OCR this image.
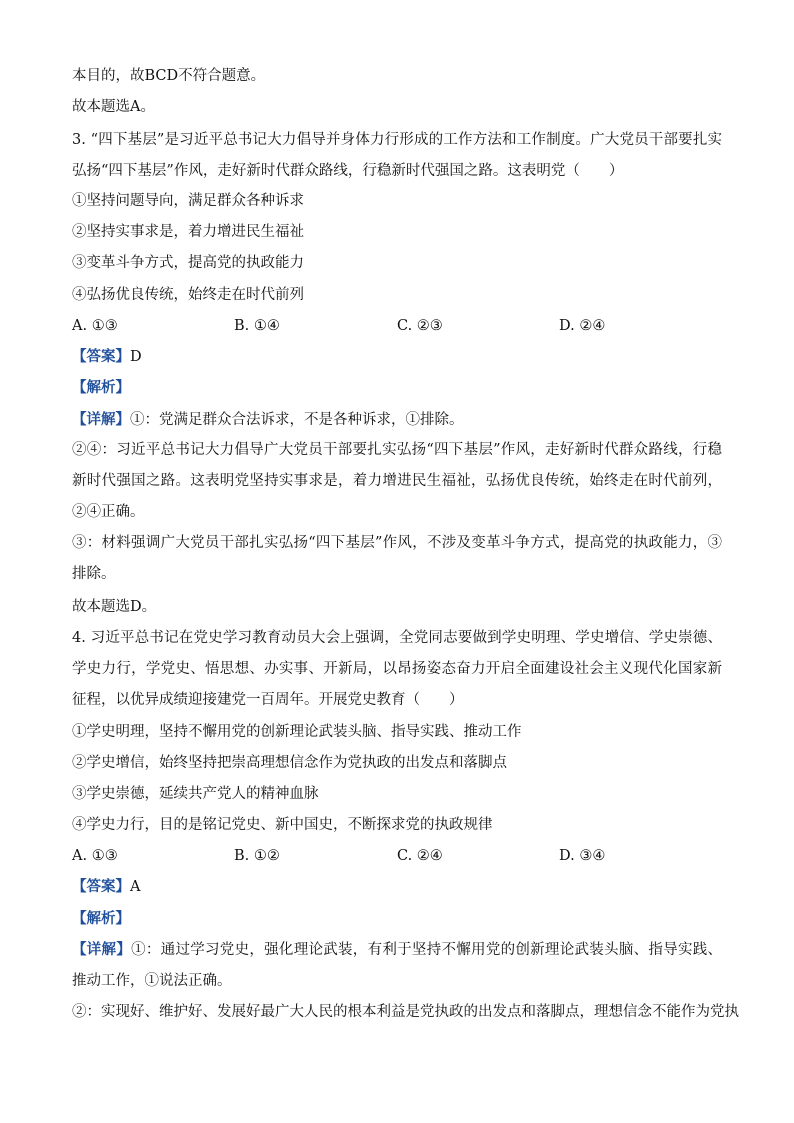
本目的，故BCD不符合题意。
故本题选A。
3. “四下基层”是习近平总书记大力倡导并身体力行形成的工作方法和工作制度。广大党员干部要扎实弘扬“四下基层”作风，走好新时代群众路线，行稳新时代强国之路。这表明党（　　）
①坚持问题导向，满足群众各种诉求
②坚持实事求是，着力增进民生福祉
③变革斗争方式，提高党的执政能力
④弘扬优良传统，始终走在时代前列
A. ①③	B. ①④	C. ②③	D. ②④
【答案】D
【解析】
【详解】①：党满足群众合法诉求，不是各种诉求，①排除。
②④：习近平总书记大力倡导广大党员干部要扎实弘扬“四下基层”作风，走好新时代群众路线，行稳新时代强国之路。这表明党坚持实事求是，着力增进民生福祉，弘扬优良传统，始终走在时代前列，②④正确。
③：材料强调广大党员干部扎实弘扬“四下基层”作风，不涉及变革斗争方式，提高党的执政能力，③排除。
故本题选D。
4. 习近平总书记在党史学习教育动员大会上强调，全党同志要做到学史明理、学史增信、学史崇德、学史力行，学党史、悟思想、办实事、开新局，以昂扬姿态奋力开启全面建设社会主义现代化国家新征程，以优异成绩迎接建党一百周年。开展党史教育（　　）
①学史明理，坚持不懈用党的创新理论武装头脑、指导实践、推动工作
②学史增信，始终坚持把崇高理想信念作为党执政的出发点和落脚点
③学史崇德，延续共产党人的精神血脉
④学史力行，目的是铭记党史、新中国史，不断探求党的执政规律
A. ①③	B. ①②	C. ②④	D. ③④
【答案】A
【解析】
【详解】①：通过学习党史，强化理论武装，有利于坚持不懈用党的创新理论武装头脑、指导实践、推动工作，①说法正确。
②：实现好、维护好、发展好最广大人民的根本利益是党执政的出发点和落脚点，理想信念不能作为党执
